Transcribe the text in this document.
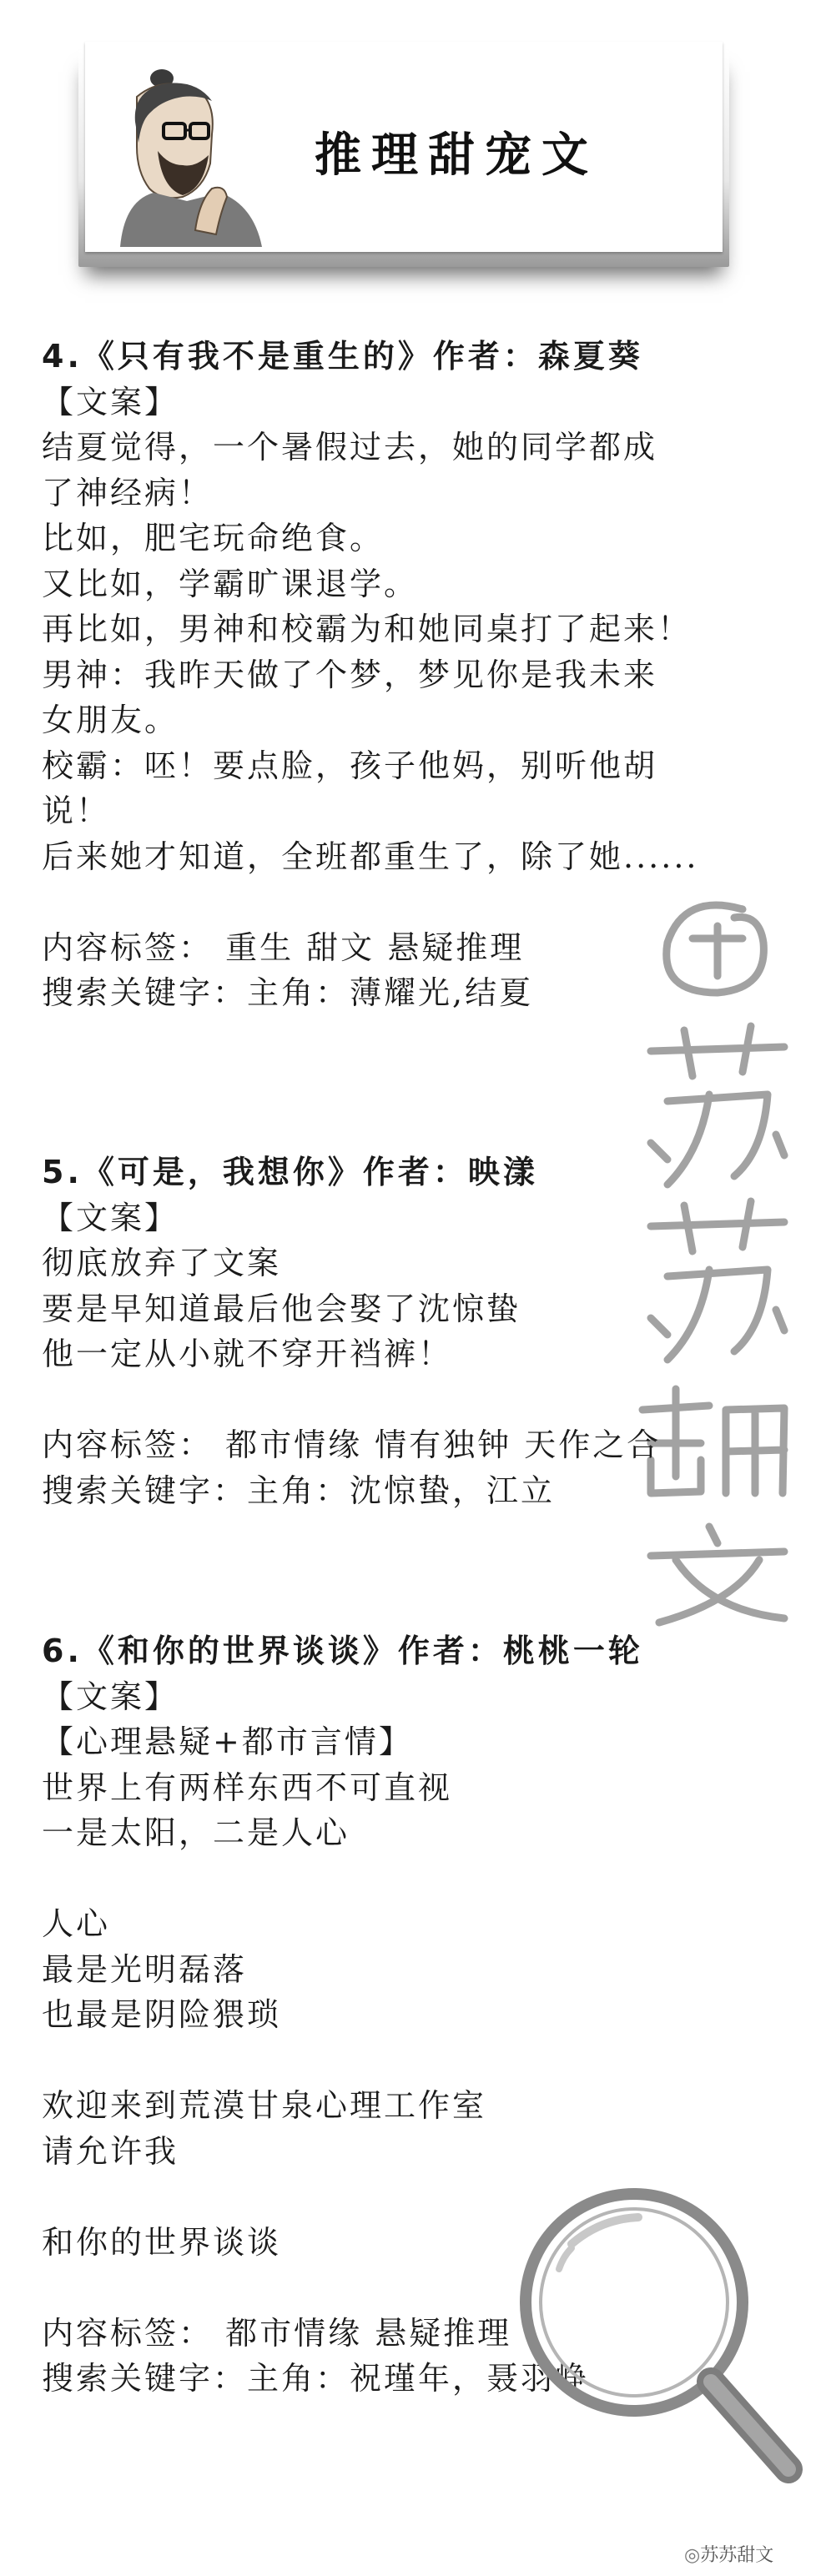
推理甜宠文
4.《只有我不是重生的》作者：森夏葵
【文案】
结夏觉得，一个暑假过去，她的同学都成
了神经病！
比如，肥宅玩命绝食。
又比如，学霸旷课退学。
再比如，男神和校霸为和她同桌打了起来！
男神：我昨天做了个梦，梦见你是我未来
女朋友。
校霸：呸！要点脸，孩子他妈，别听他胡
说！
后来她才知道，全班都重生了，除了她......
内容标签： 重生 甜文 悬疑推理
搜索关键字：主角：薄耀光,结夏
5.《可是，我想你》作者：映漾
【文案】
彻底放弃了文案
要是早知道最后他会娶了沈惊蛰
他一定从小就不穿开裆裤！
内容标签： 都市情缘 情有独钟 天作之合
搜索关键字：主角：沈惊蛰，江立
6.《和你的世界谈谈》作者：桃桃一轮
【文案】
【心理悬疑+都市言情】
世界上有两样东西不可直视
一是太阳，二是人心
人心
最是光明磊落
也最是阴险猥琐
欢迎来到荒漠甘泉心理工作室
请允许我
和你的世界谈谈
内容标签： 都市情缘 悬疑推理
搜索关键字：主角：祝瑾年，聂羽峥
◎苏苏甜文
